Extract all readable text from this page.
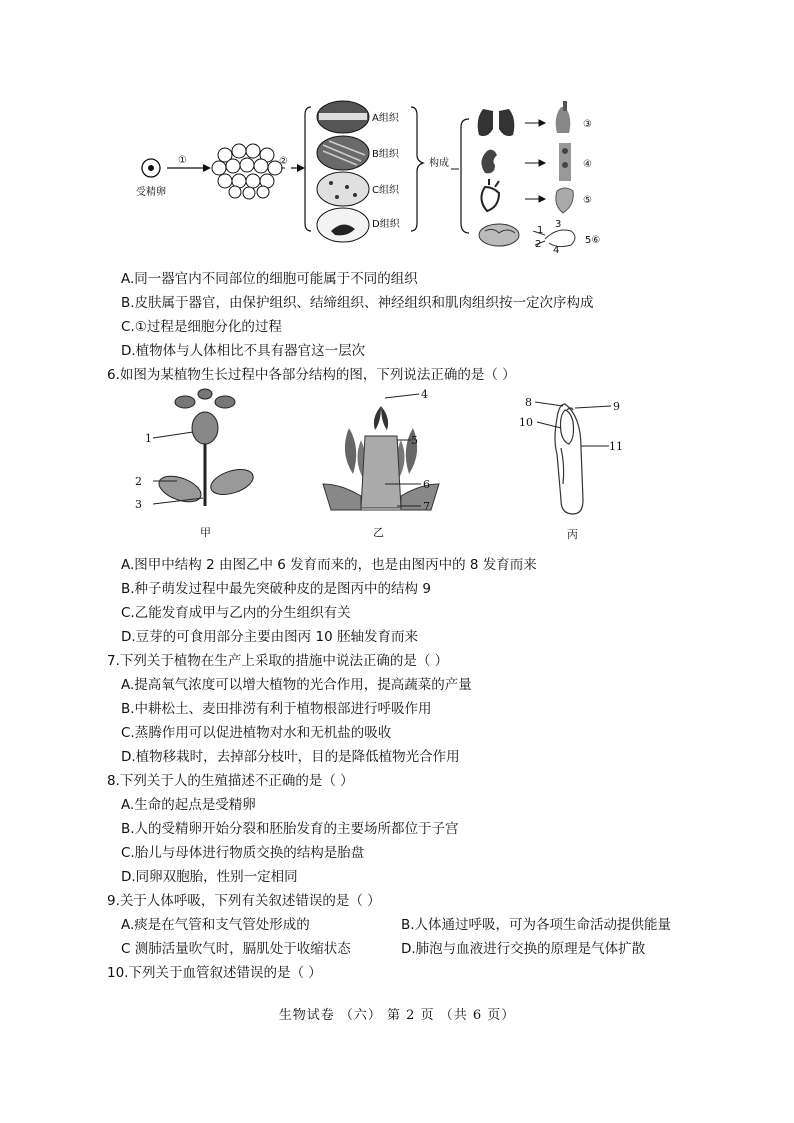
受精卵
①	②
A组织
B组织
C组织
D组织
构成
1
2
3
4
③
④
⑤
5⑥
A.同一器官内不同部位的细胞可能属于不同的组织
B.皮肤属于器官，由保护组织、结缔组织、神经组织和肌肉组织按一定次序构成
C.①过程是细胞分化的过程
D.植物体与人体相比不具有器官这一层次
6.如图为某植物生长过程中各部分结构的图，下列说法正确的是（ ）
1
2
3
甲
4
5
6
7
乙
8	9
10
11
丙
A.图甲中结构 2 由图乙中 6 发育而来的，也是由图丙中的 8 发育而来
B.种子萌发过程中最先突破种皮的是图丙中的结构 9
C.乙能发育成甲与乙内的分生组织有关
D.豆芽的可食用部分主要由图丙 10 胚轴发育而来
7.下列关于植物在生产上采取的措施中说法正确的是（ ）
A.提高氧气浓度可以增大植物的光合作用，提高蔬菜的产量
B.中耕松土、麦田排涝有利于植物根部进行呼吸作用
C.蒸腾作用可以促进植物对水和无机盐的吸收
D.植物移栽时，去掉部分枝叶，目的是降低植物光合作用
8.下列关于人的生殖描述不正确的是（ ）
A.生命的起点是受精卵
B.人的受精卵开始分裂和胚胎发育的主要场所都位于子宫
C.胎儿与母体进行物质交换的结构是胎盘
D.同卵双胞胎，性别一定相同
9.关于人体呼吸，下列有关叙述错误的是（ ）
A.痰是在气管和支气管处形成的	B.人体通过呼吸，可为各项生命活动提供能量
C 测肺活量吹气时，膈肌处于收缩状态	D.肺泡与血液进行交换的原理是气体扩散
10.下列关于血管叙述错误的是（ ）
生物试卷 （六） 第 2 页 （共 6 页）
